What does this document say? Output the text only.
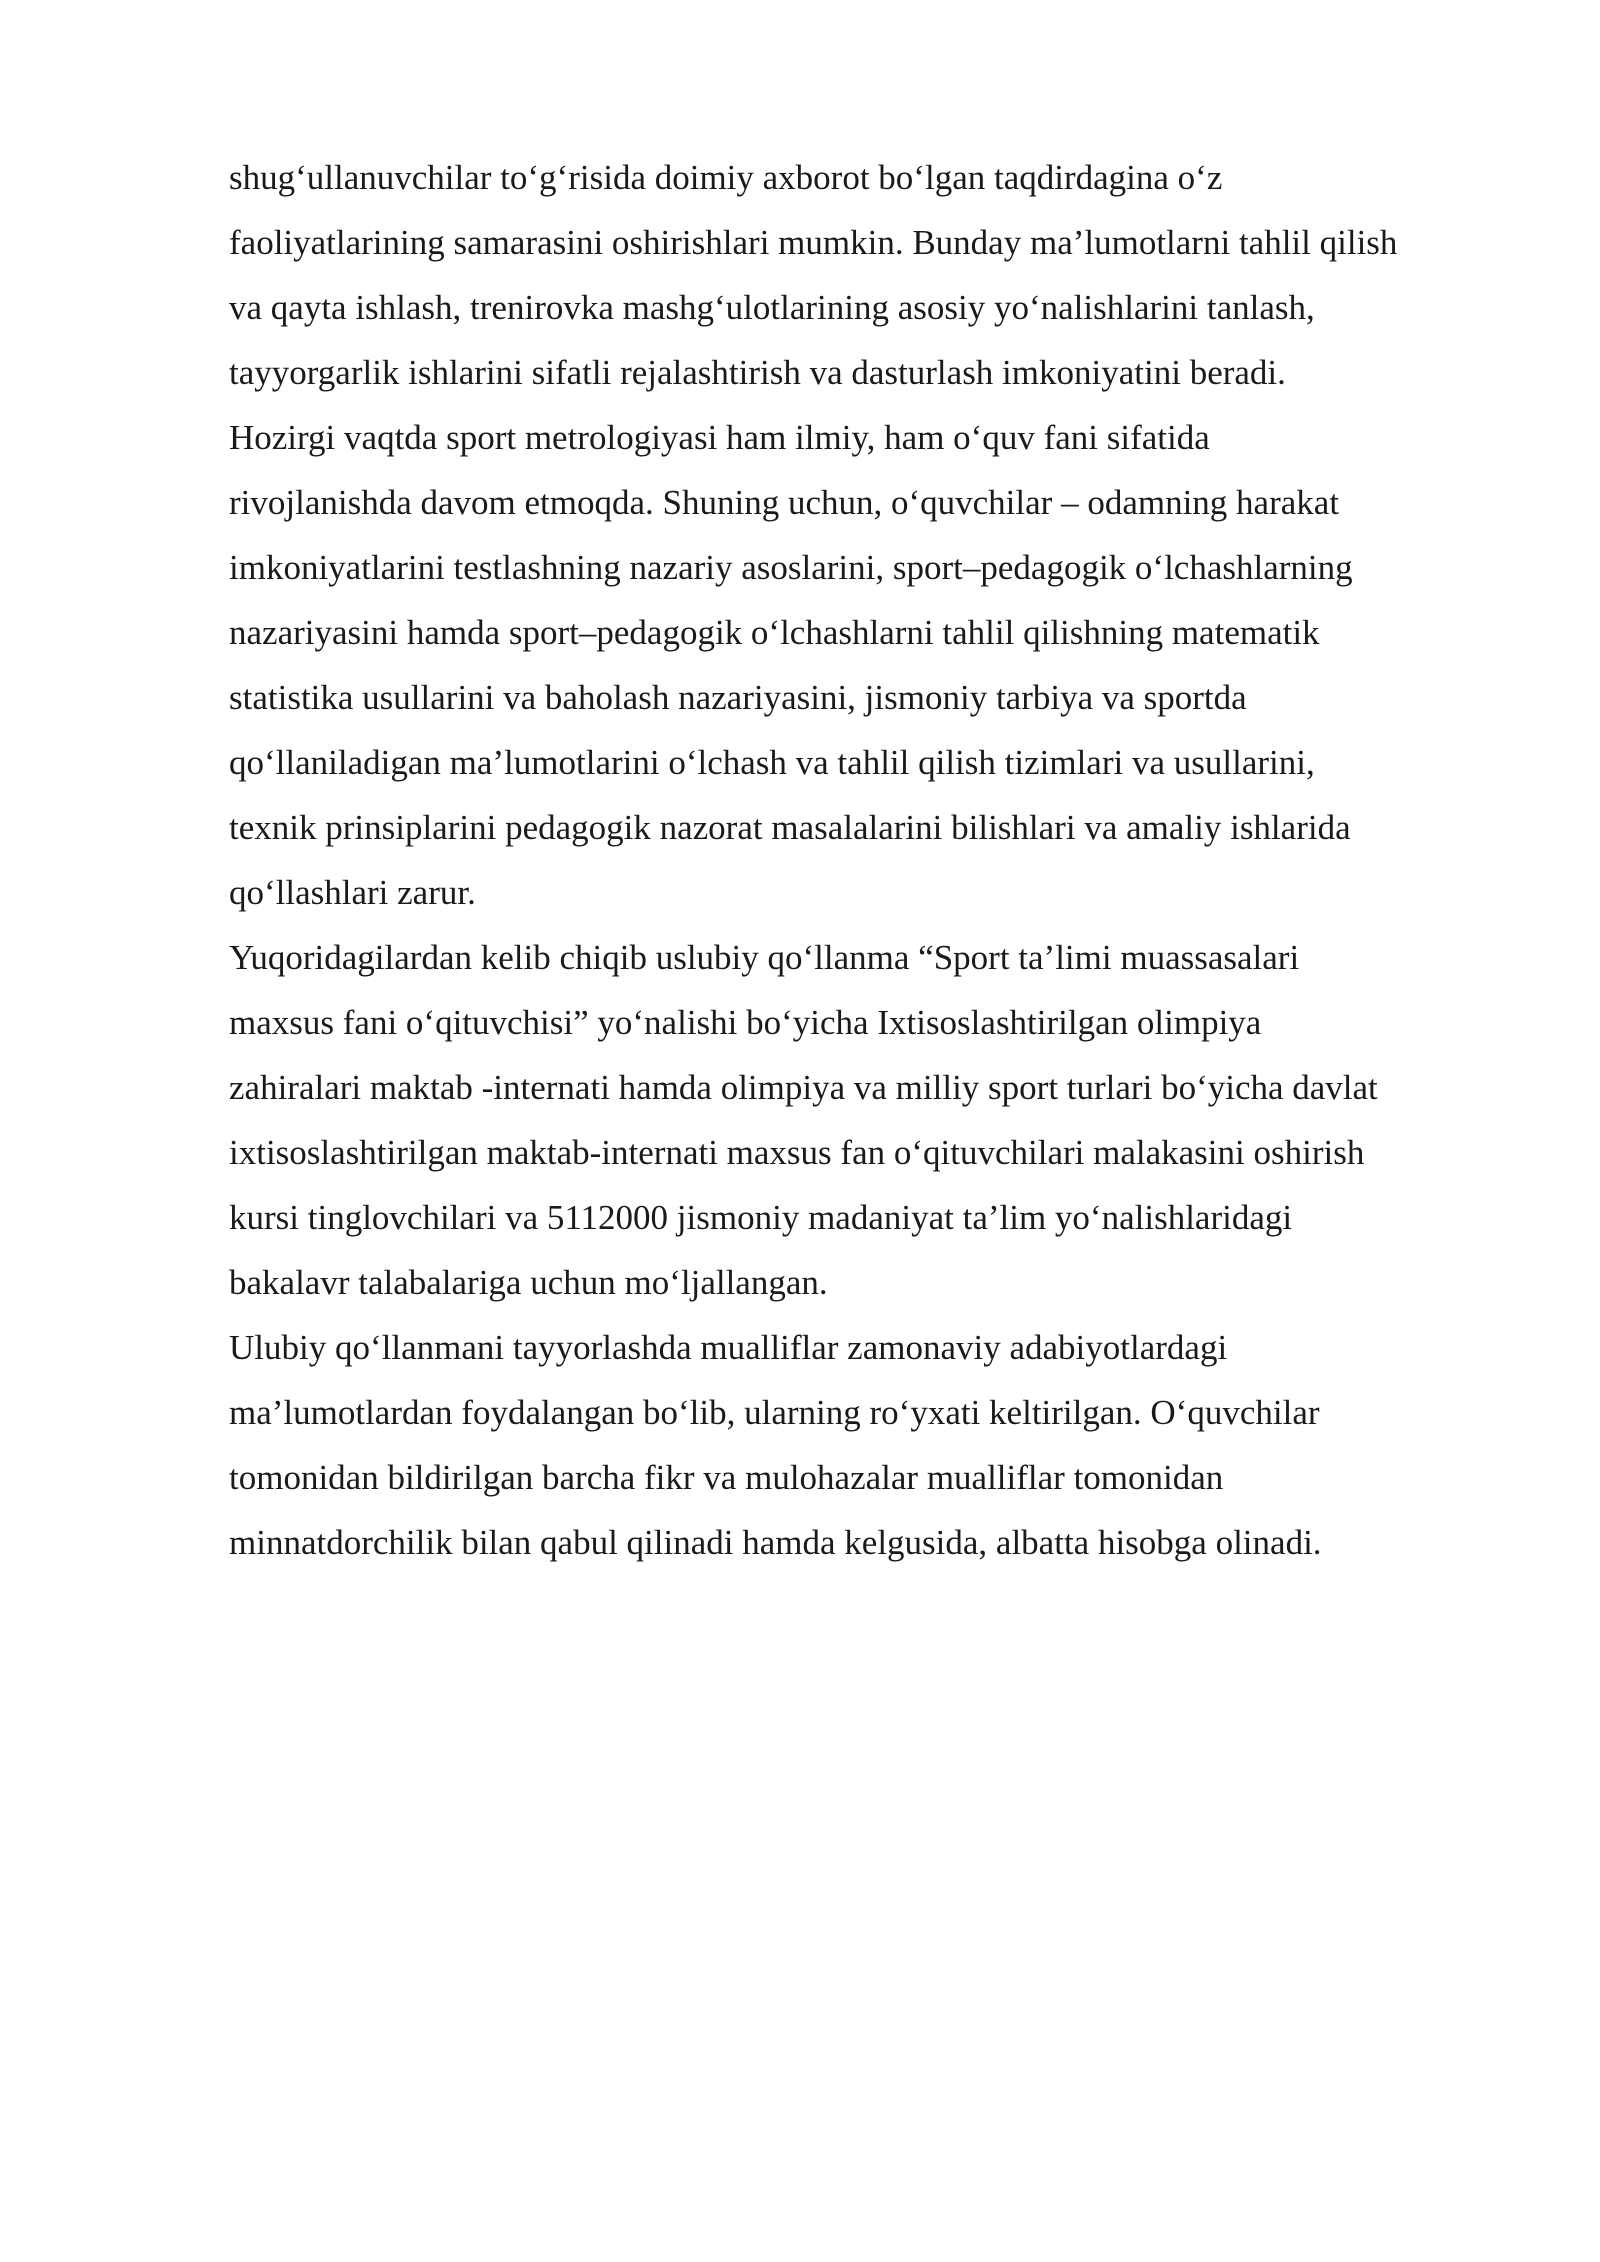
shug‘ullanuvchilar to‘g‘risida doimiy axborot bo‘lgan taqdirdagina o‘z
faoliyatlarining samarasini oshirishlari mumkin. Bunday ma’lumotlarni tahlil qilish
va qayta ishlash, trenirovka mashg‘ulotlarining asosiy yo‘nalishlarini tanlash,
tayyorgarlik ishlarini sifatli rejalashtirish va dasturlash imkoniyatini beradi.
Hozirgi vaqtda sport metrologiyasi ham ilmiy, ham o‘quv fani sifatida
rivojlanishda davom etmoqda. Shuning uchun, o‘quvchilar – odamning harakat
imkoniyatlarini testlashning nazariy asoslarini, sport–pedagogik o‘lchashlarning
nazariyasini hamda sport–pedagogik o‘lchashlarni tahlil qilishning matematik
statistika usullarini va baholash nazariyasini, jismoniy tarbiya va sportda
qo‘llaniladigan ma’lumotlarini o‘lchash va tahlil qilish tizimlari va usullarini,
texnik prinsiplarini pedagogik nazorat masalalarini bilishlari va amaliy ishlarida
qo‘llashlari zarur.
Yuqoridagilardan kelib chiqib uslubiy qo‘llanma “Sport ta’limi muassasalari
maxsus fani o‘qituvchisi” yo‘nalishi bo‘yicha Ixtisoslashtirilgan olimpiya
zahiralari maktab -internati hamda olimpiya va milliy sport turlari bo‘yicha davlat
ixtisoslashtirilgan maktab-internati maxsus fan o‘qituvchilari malakasini oshirish
kursi tinglovchilari va 5112000 jismoniy madaniyat ta’lim yo‘nalishlaridagi
bakalavr talabalariga uchun mo‘ljallangan.
Ulubiy qo‘llanmani tayyorlashda mualliflar zamonaviy adabiyotlardagi
ma’lumotlardan foydalangan bo‘lib, ularning ro‘yxati keltirilgan. O‘quvchilar
tomonidan bildirilgan barcha fikr va mulohazalar mualliflar tomonidan
minnatdorchilik bilan qabul qilinadi hamda kelgusida, albatta hisobga olinadi.
